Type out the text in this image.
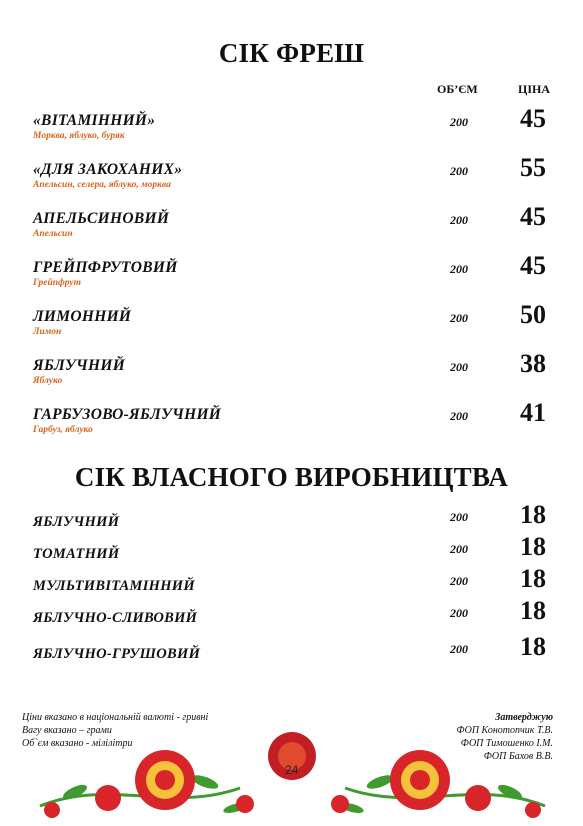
СІК ФРЕШ
ОБ’ЄМ	ЦІНА
«ВІТАМІННИЙ»
Морква, яблуко, буряк
200 45
«ДЛЯ ЗАКОХАНИХ»
Апельсин, селера, яблуко, морква
200 55
АПЕЛЬСИНОВИЙ
Апельсин
200 45
ГРЕЙПФРУТОВИЙ
Грейпфрут
200 45
ЛИМОННИЙ
Лимон
200 50
ЯБЛУЧНИЙ
Яблуко
200 38
ГАРБУЗОВО-ЯБЛУЧНИЙ
Гарбуз, яблуко
200 41
СІК ВЛАСНОГО ВИРОБНИЦТВА
ЯБЛУЧНИЙ	200 18
ТОМАТНИЙ	200 18
МУЛЬТИВІТАМІННИЙ	200 18
ЯБЛУЧНО-СЛИВОВИЙ	200 18
ЯБЛУЧНО-ГРУШОВИЙ	200 18
Ціни вказано в національній валюті - гривні
Вагу вказано – грами
Об`єм вказано - мілілітри
Затверджую
ФОП Конотопчик Т.В.
ФОП Тимошенко І.М.
ФОП Бахов В.В.
24
